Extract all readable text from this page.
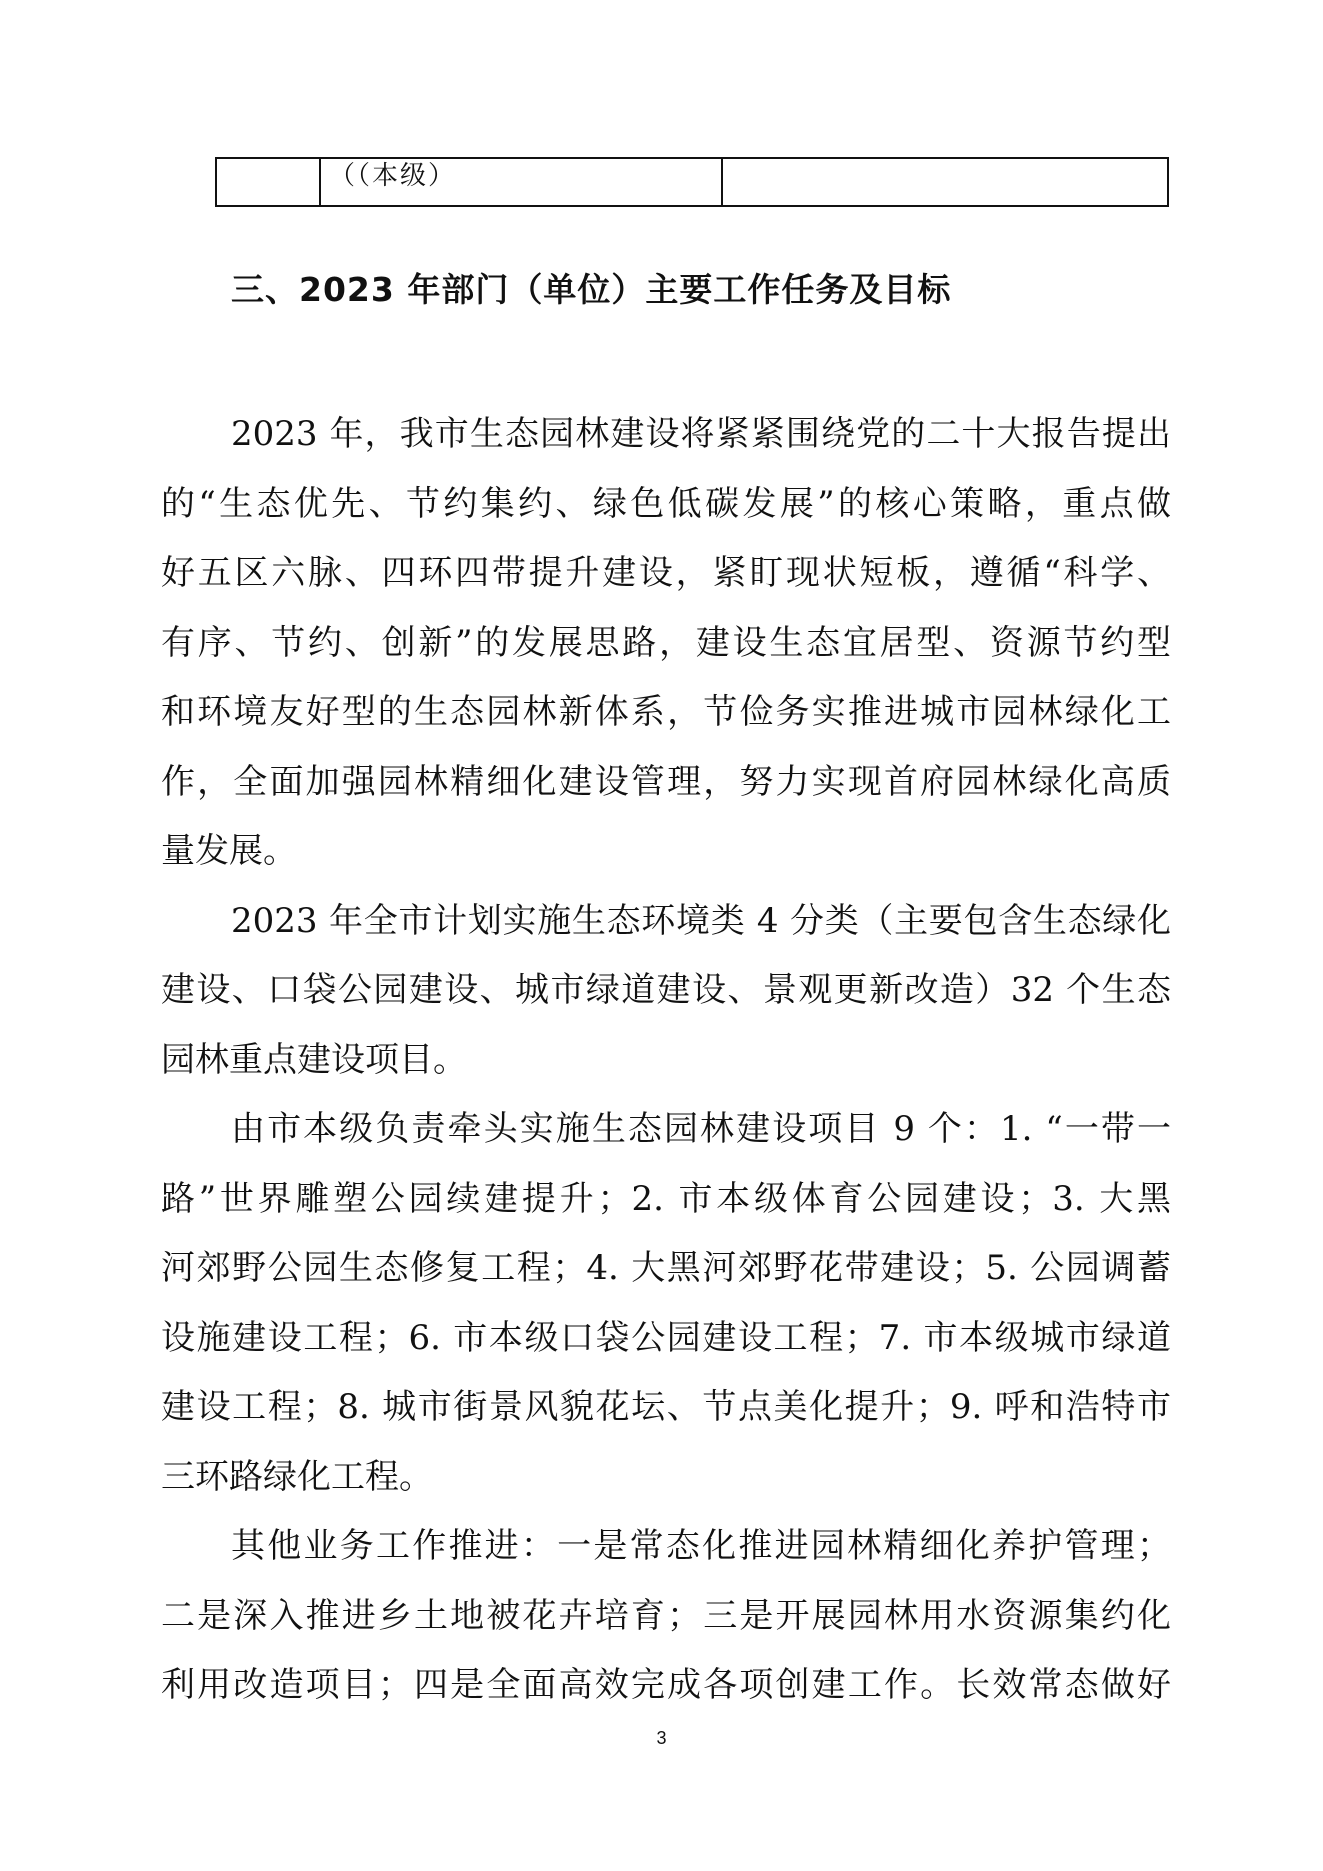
	（（本级）	
三、2023 年部门（单位）主要工作任务及目标
2023 年，我市生态园林建设将紧紧围绕党的二十大报告提出
的“生态优先、节约集约、绿色低碳发展”的核心策略，重点做
好五区六脉、四环四带提升建设，紧盯现状短板，遵循“科学、
有序、节约、创新”的发展思路，建设生态宜居型、资源节约型
和环境友好型的生态园林新体系，节俭务实推进城市园林绿化工
作，全面加强园林精细化建设管理，努力实现首府园林绿化高质
量发展。
2023 年全市计划实施生态环境类 4 分类（主要包含生态绿化
建设、口袋公园建设、城市绿道建设、景观更新改造）32 个生态
园林重点建设项目。
由市本级负责牵头实施生态园林建设项目 9 个：1. “一带一
路”世界雕塑公园续建提升；2. 市本级体育公园建设；3. 大黑
河郊野公园生态修复工程；4. 大黑河郊野花带建设；5. 公园调蓄
设施建设工程；6. 市本级口袋公园建设工程；7. 市本级城市绿道
建设工程；8. 城市街景风貌花坛、节点美化提升；9. 呼和浩特市
三环路绿化工程。
其他业务工作推进：一是常态化推进园林精细化养护管理；
二是深入推进乡土地被花卉培育；三是开展园林用水资源集约化
利用改造项目；四是全面高效完成各项创建工作。长效常态做好
3
